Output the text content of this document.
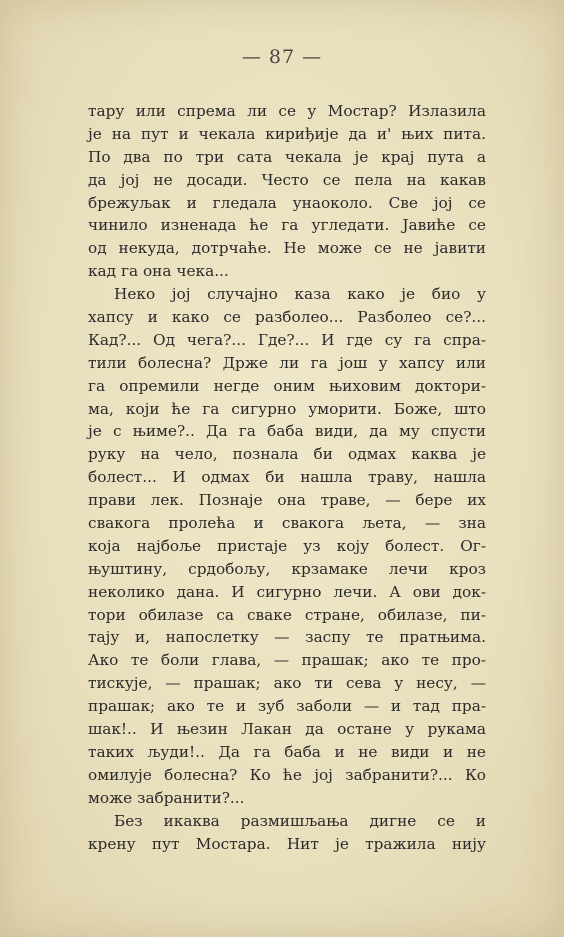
— 87 —
тару или спрема ли се у Мостар? Излазила
је на пут и чекала кириђије да и' њих пита.
По два по три сата чекала је крај пута а
да јој не досади. Често се пела на какав
брежуљак и гледала унаоколо. Све јој се
чинило изненада ће га угледати. Јавиће се
од некуда, дотрчаће. Не може се не јавити
кад га она чека...
Неко јој случајно каза како је био у
хапсу и како се разболео... Разболео се?...
Кад?... Од чега?... Где?... И где су га спра-
тили болесна? Држе ли га још у хапсу или
га опремили негде оним њиховим доктори-
ма, који ће га сигурно уморити. Боже, што
је с њиме?.. Да га баба види, да му спусти
руку на чело, познала би одмах каква је
болест... И одмах би нашла траву, нашла
прави лек. Познаје она траве, — бере их
свакога пролећа и свакога љета, — зна
која најбоље пристаје уз коју болест. Ог-
њуштину, срдобољу, крзамаке лечи кроз
неколико дана. И сигурно лечи. А ови док-
тори обилазе са сваке стране, обилазе, пи-
тају и, напослетку — заспу те пратњима.
Ако те боли глава, — прашак; ако те про-
тискује, — прашак; ако ти сева у несу, —
прашак; ако те и зуб заболи — и тад пра-
шак!.. И њезин Лакан да остане у рукама
таких људи!.. Да га баба и не види и не
омилује болесна? Ко ће јој забранити?... Ко
може забранити?...
Без икаква размишљања дигне се и
крену пут Мостара. Нит је тражила нију
